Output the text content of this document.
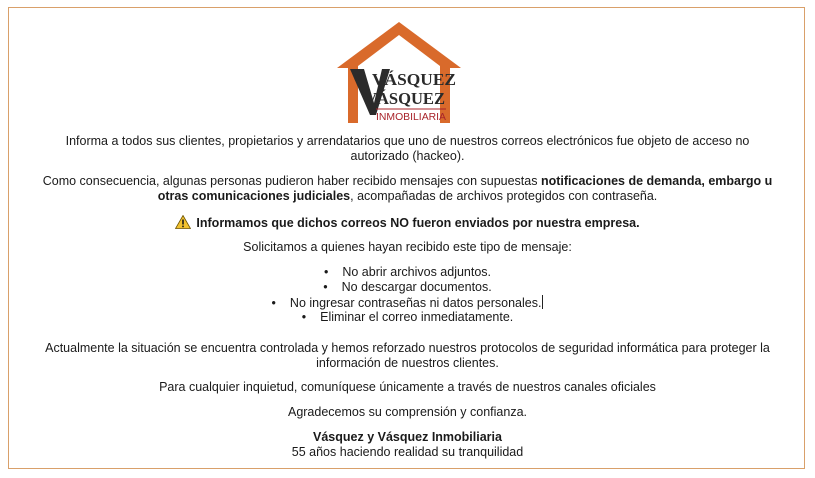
& VÁSQUEZ
VÁSQUEZ
INMOBILIARIA

Informa a todos sus clientes, propietarios y arrendatarios que uno de nuestros correos electrónicos fue objeto de acceso no

autorizado (hackeo).

Como consecuencia, algunas personas pudieron haber recibido mensajes con supuestas notificaciones de demanda, embargo u

otras comunicaciones judiciales, acompañadas de archivos protegidos con contraseña.

Informamos que dichos correos NO fueron enviados por nuestra empresa.

Solicitamos a quienes hayan recibido este tipo de mensaje:

• No abrir archivos adjuntos.
• No descargar documentos.
• No ingresar contraseñas ni datos personales.
• Eliminar el correo inmediatamente.

Actualmente la situación se encuentra controlada y hemos reforzado nuestros protocolos de seguridad informática para proteger la

información de nuestros clientes.

Para cualquier inquietud, comuníquese únicamente a través de nuestros canales oficiales

Agradecemos su comprensión y confianza.

Vásquez y Vásquez Inmobiliaria

55 años haciendo realidad su tranquilidad
